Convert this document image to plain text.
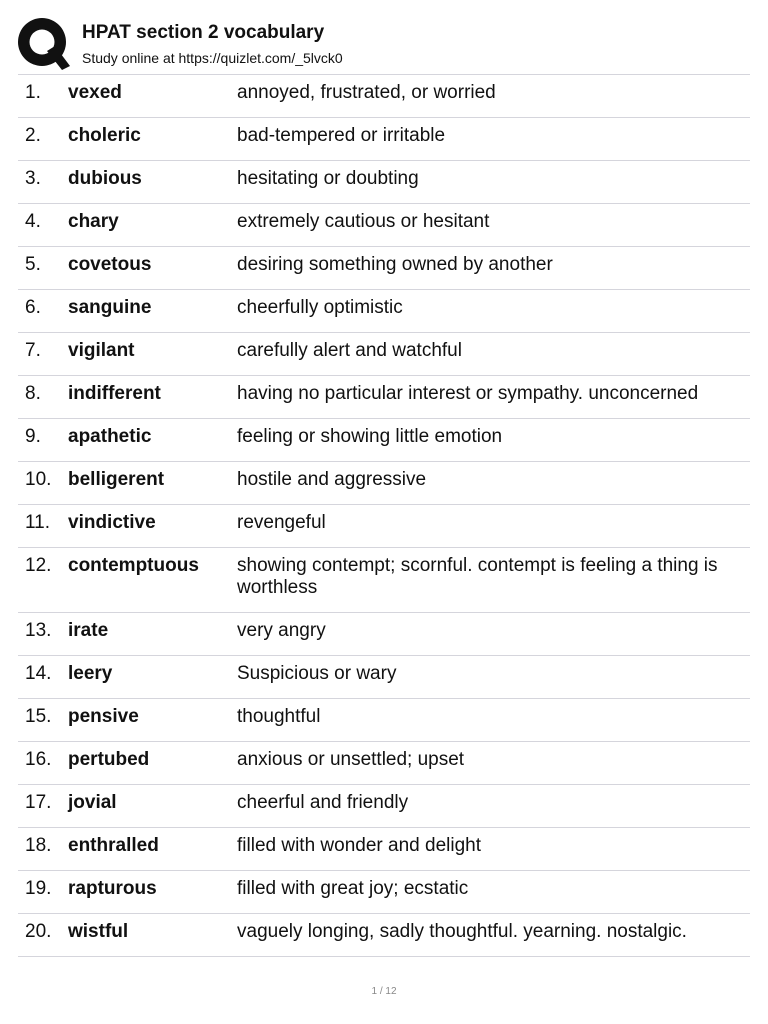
HPAT section 2 vocabulary
Study online at https://quizlet.com/_5lvck0
1.	vexed	annoyed, frustrated, or worried
2.	choleric	bad-tempered or irritable
3.	dubious	hesitating or doubting
4.	chary	extremely cautious or hesitant
5.	covetous	desiring something owned by another
6.	sanguine	cheerfully optimistic
7.	vigilant	carefully alert and watchful
8.	indifferent	having no particular interest or sympathy. unconcerned
9.	apathetic	feeling or showing little emotion
10. belligerent	hostile and aggressive
11. vindictive	revengeful
12. contemptuous	showing contempt; scornful. contempt is feeling a thing is worthless
13. irate	very angry
14. leery	Suspicious or wary
15. pensive	thoughtful
16. pertubed	anxious or unsettled; upset
17. jovial	cheerful and friendly
18. enthralled	filled with wonder and delight
19. rapturous	filled with great joy; ecstatic
20. wistful	vaguely longing, sadly thoughtful. yearning. nostalgic.
1 / 12
